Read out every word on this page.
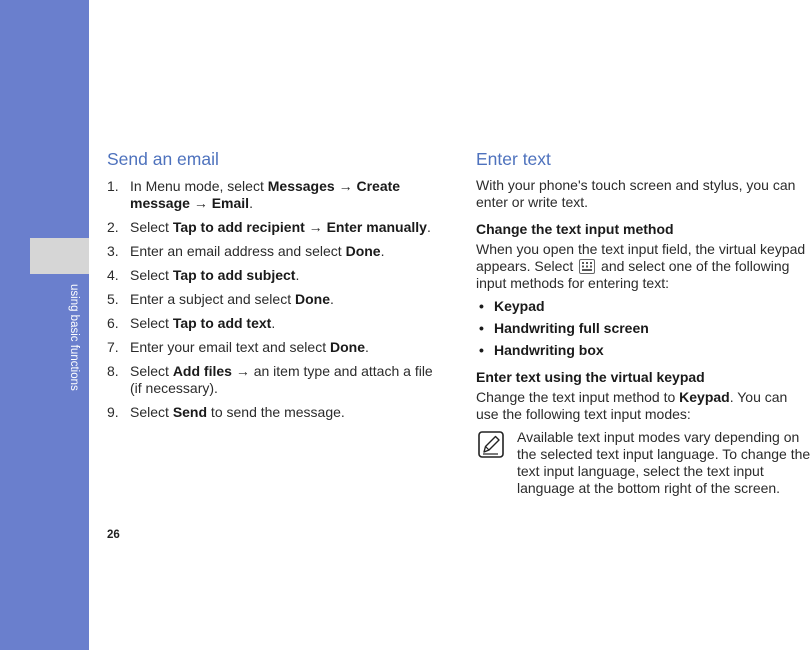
using basic functions
Send an email
1. In Menu mode, select Messages → Create message → Email.
2. Select Tap to add recipient → Enter manually.
3. Enter an email address and select Done.
4. Select Tap to add subject.
5. Enter a subject and select Done.
6. Select Tap to add text.
7. Enter your email text and select Done.
8. Select Add files → an item type and attach a file (if necessary).
9. Select Send to send the message.
Enter text

With your phone's touch screen and stylus, you can enter or write text.

Change the text input method

When you open the text input field, the virtual keypad appears. Select
and select one of the following input methods for entering text:

• Keypad
• Handwriting full screen
• Handwriting box
Enter text using the virtual keypad

Change the text input method to Keypad. You can use the following text input modes:

Available text input modes vary depending on the selected text input language. To change the text input language, select the text input language at the bottom right of the screen.

26
